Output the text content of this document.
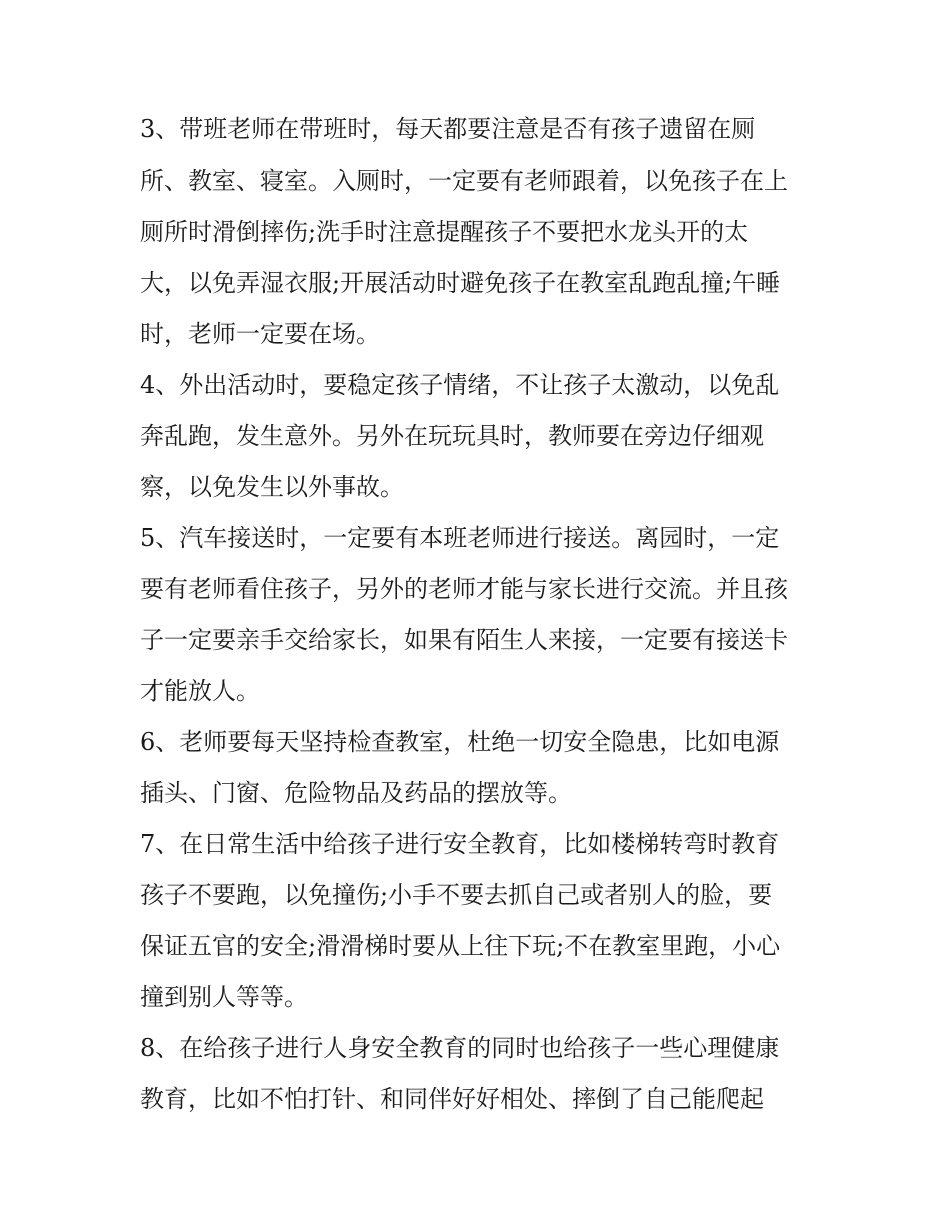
3、带班老师在带班时，每天都要注意是否有孩子遗留在厕

所、教室、寝室。入厕时，一定要有老师跟着，以免孩子在上

厕所时滑倒摔伤;洗手时注意提醒孩子不要把水龙头开的太

大，以免弄湿衣服;开展活动时避免孩子在教室乱跑乱撞;午睡

时，老师一定要在场。

4、外出活动时，要稳定孩子情绪，不让孩子太激动，以免乱

奔乱跑，发生意外。另外在玩玩具时，教师要在旁边仔细观

察，以免发生以外事故。

5、汽车接送时，一定要有本班老师进行接送。离园时，一定

要有老师看住孩子，另外的老师才能与家长进行交流。并且孩

子一定要亲手交给家长，如果有陌生人来接，一定要有接送卡

才能放人。

6、老师要每天坚持检查教室，杜绝一切安全隐患，比如电源

插头、门窗、危险物品及药品的摆放等。

7、在日常生活中给孩子进行安全教育，比如楼梯转弯时教育

孩子不要跑，以免撞伤;小手不要去抓自己或者别人的脸，要

保证五官的安全;滑滑梯时要从上往下玩;不在教室里跑，小心

撞到别人等等。

8、在给孩子进行人身安全教育的同时也给孩子一些心理健康

教育，比如不怕打针、和同伴好好相处、摔倒了自己能爬起
